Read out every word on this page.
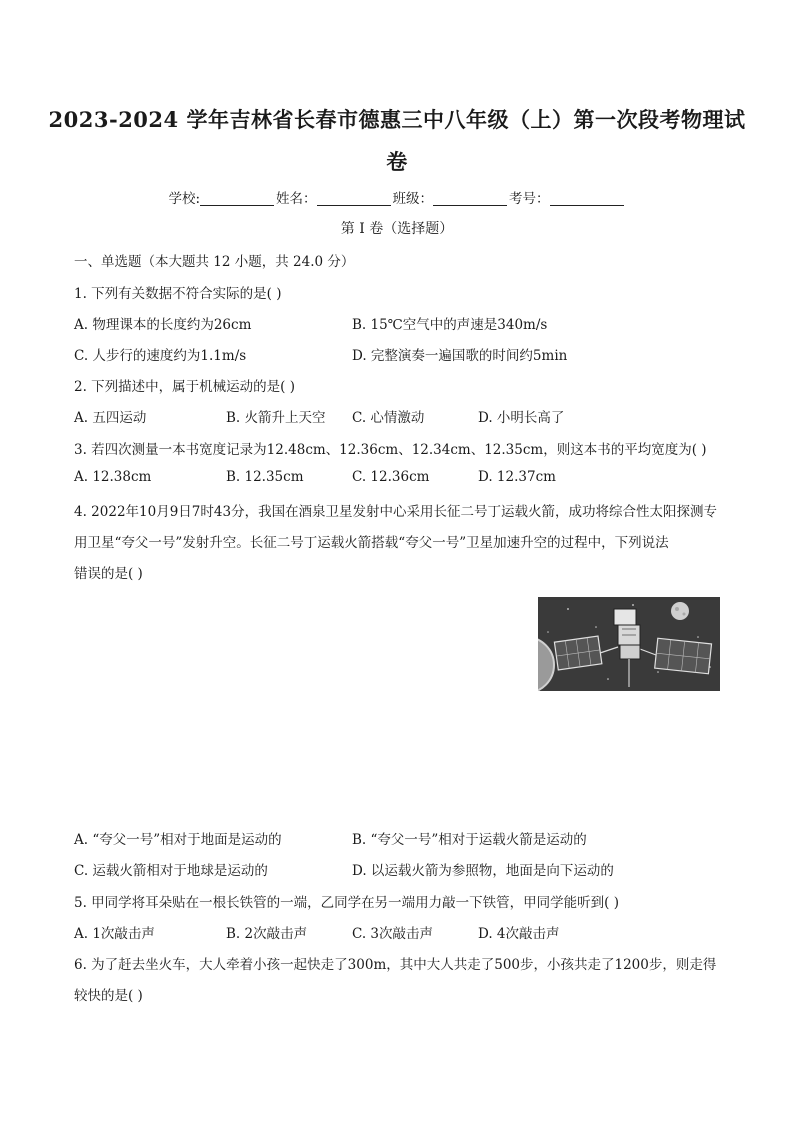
2023-2024 学年吉林省长春市德惠三中八年级（上）第一次段考物理试
卷
学校:	姓名：	班级：	考号：
第 I 卷（选择题）
一、单选题（本大题共 12 小题，共 24.0 分）
1. 下列有关数据不符合实际的是( )
A. 物理课本的长度约为26cm	B. 15℃空气中的声速是340m/s
C. 人步行的速度约为1.1m/s	D. 完整演奏一遍国歌的时间约5min
2. 下列描述中，属于机械运动的是( )
A. 五四运动	B. 火箭升上天空 C. 心情激动	D. 小明长高了
3. 若四次测量一本书宽度记录为12.48cm、12.36cm、12.34cm、12.35cm，则这本书的平均宽度为( )
A. 12.38cm	B. 12.35cm	C. 12.36cm	D. 12.37cm
4. 2022年10月9日7时43分，我国在酒泉卫星发射中心采用长征二号丁运载火箭，成功将综合性太阳探测专
用卫星“夸父一号”发射升空。长征二号丁运载火箭搭载“夸父一号”卫星加速升空的过程中，下列说法
错误的是( )
A. “夸父一号”相对于地面是运动的	B. “夸父一号”相对于运载火箭是运动的
C. 运载火箭相对于地球是运动的	D. 以运载火箭为参照物，地面是向下运动的
5. 甲同学将耳朵贴在一根长铁管的一端，乙同学在另一端用力敲一下铁管，甲同学能听到( )
A. 1次敲击声	B. 2次敲击声	C. 3次敲击声	D. 4次敲击声
6. 为了赶去坐火车，大人牵着小孩一起快走了300m，其中大人共走了500步，小孩共走了1200步，则走得
较快的是( )
